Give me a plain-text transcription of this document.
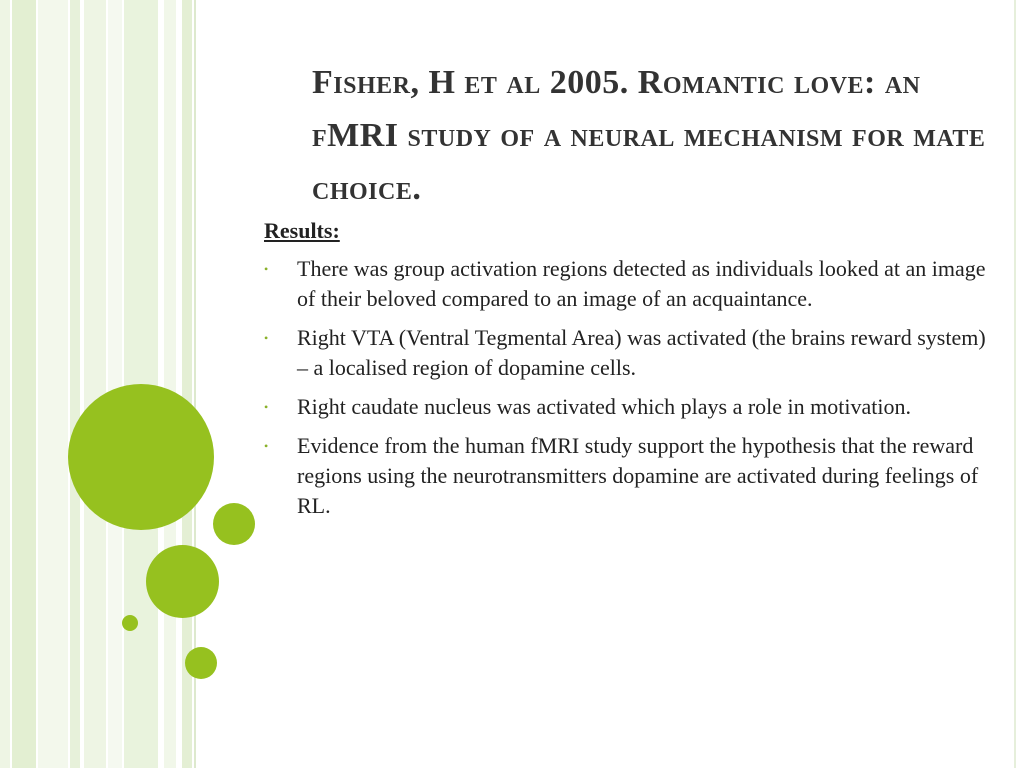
Fisher, H et al 2005. Romantic love: an fMRI study of a neural mechanism for mate choice.

Results:

• There was group activation regions detected as individuals looked at an image of their beloved compared to an image of an acquaintance.
• Right VTA (Ventral Tegmental Area) was activated (the brains reward system) – a localised region of dopamine cells.
• Right caudate nucleus was activated which plays a role in motivation.
• Evidence from the human fMRI study support the hypothesis that the reward regions using the neurotransmitters dopamine are activated during feelings of RL.
